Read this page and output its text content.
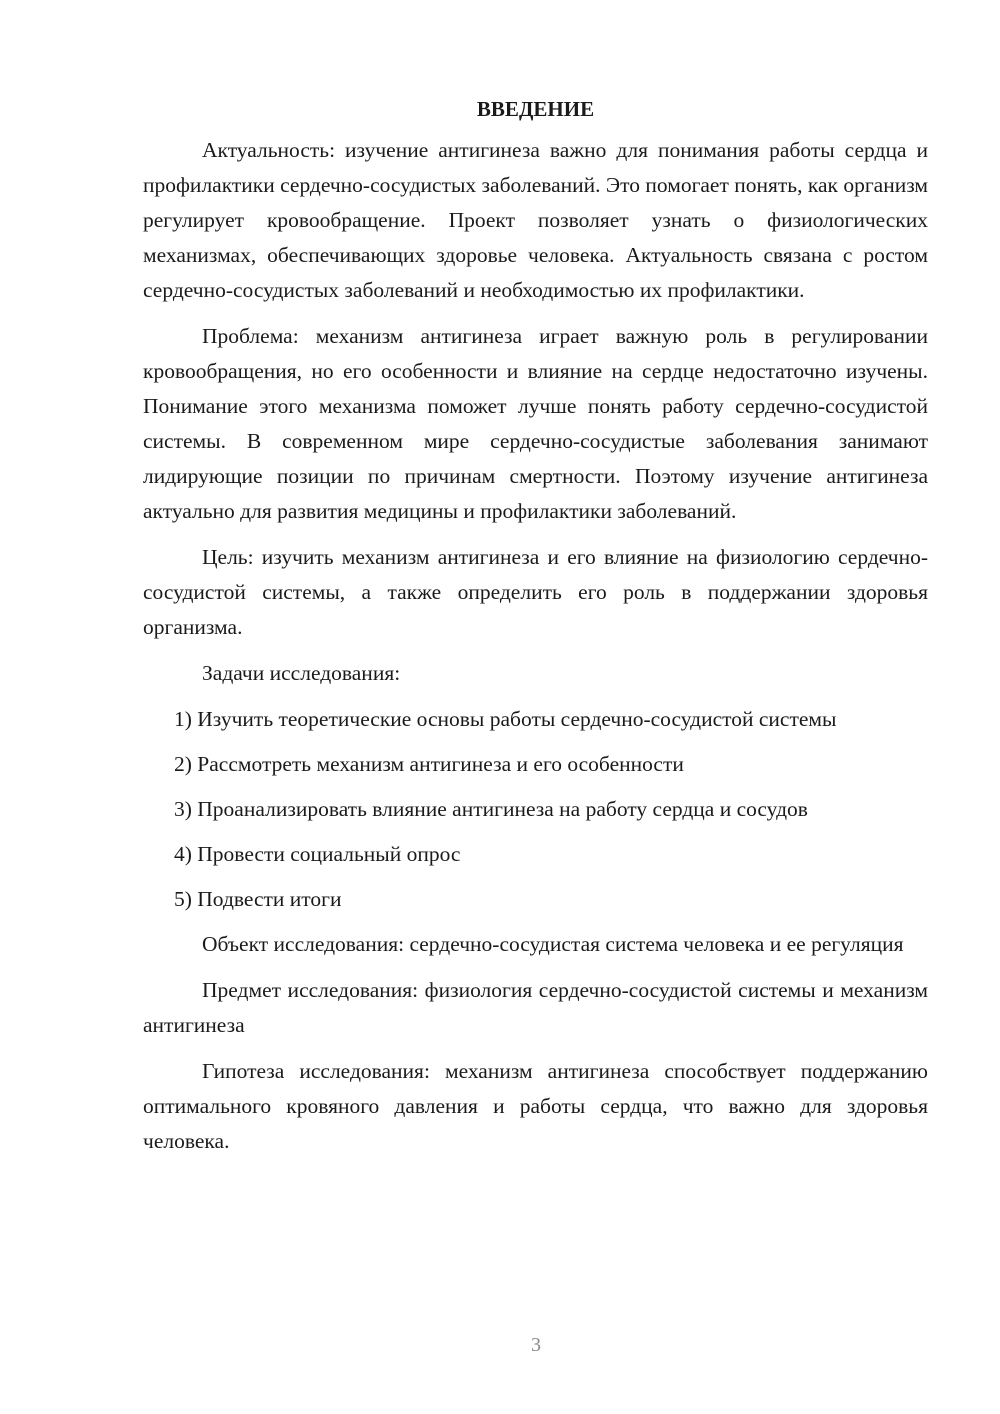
ВВЕДЕНИЕ

Актуальность: изучение антигинеза важно для понимания работы сердца и профилактики сердечно-сосудистых заболеваний. Это помогает понять, как организм регулирует кровообращение. Проект позволяет узнать о физиологических механизмах, обеспечивающих здоровье человека. Актуальность связана с ростом сердечно-сосудистых заболеваний и необходимостью их профилактики.

Проблема: механизм антигинеза играет важную роль в регулировании кровообращения, но его особенности и влияние на сердце недостаточно изучены. Понимание этого механизма поможет лучше понять работу сердечно-сосудистой системы. В современном мире сердечно-сосудистые заболевания занимают лидирующие позиции по причинам смертности. Поэтому изучение антигинеза актуально для развития медицины и профилактики заболеваний.

Цель: изучить механизм антигинеза и его влияние на физиологию сердечно-сосудистой системы, а также определить его роль в поддержании здоровья организма.

Задачи исследования:

1) Изучить теоретические основы работы сердечно-сосудистой системы

2) Рассмотреть механизм антигинеза и его особенности

3) Проанализировать влияние антигинеза на работу сердца и сосудов

4) Провести социальный опрос

5) Подвести итоги

Объект исследования: сердечно-сосудистая система человека и ее регуляция

Предмет исследования: физиология сердечно-сосудистой системы и механизм антигинеза

Гипотеза исследования: механизм антигинеза способствует поддержанию оптимального кровяного давления и работы сердца, что важно для здоровья человека.

3
